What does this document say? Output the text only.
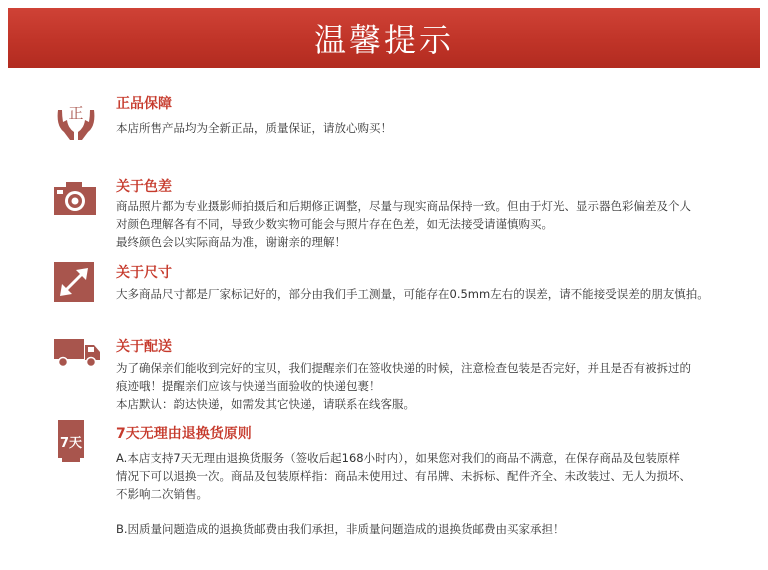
温馨提示
正 正品保障

本店所售产品均为全新正品，质量保证，请放心购买！

关于色差

商品照片都为专业摄影师拍摄后和后期修正调整，尽量与现实商品保持一致。但由于灯光、显示器色彩偏差及个人

对颜色理解各有不同，导致少数实物可能会与照片存在色差，如无法接受请谨慎购买。

最终颜色会以实际商品为准，谢谢亲的理解！

关于尺寸

大多商品尺寸都是厂家标记好的，部分由我们手工测量，可能存在0.5mm左右的误差，请不能接受误差的朋友慎拍。

关于配送

为了确保亲们能收到完好的宝贝，我们提醒亲们在签收快递的时候，注意检查包装是否完好，并且是否有被拆过的

痕迹哦！提醒亲们应该与快递当面验收的快递包裹！

本店默认：韵达快递，如需发其它快递，请联系在线客服。

7天
7天无理由退换货原则

A.本店支持7天无理由退换货服务（签收后起168小时内），如果您对我们的商品不满意，在保存商品及包装原样

情况下可以退换一次。商品及包装原样指：商品未使用过、有吊牌、未拆标、配件齐全、未改装过、无人为损坏、

不影响二次销售。

B.因质量问题造成的退换货邮费由我们承担，非质量问题造成的退换货邮费由买家承担！
